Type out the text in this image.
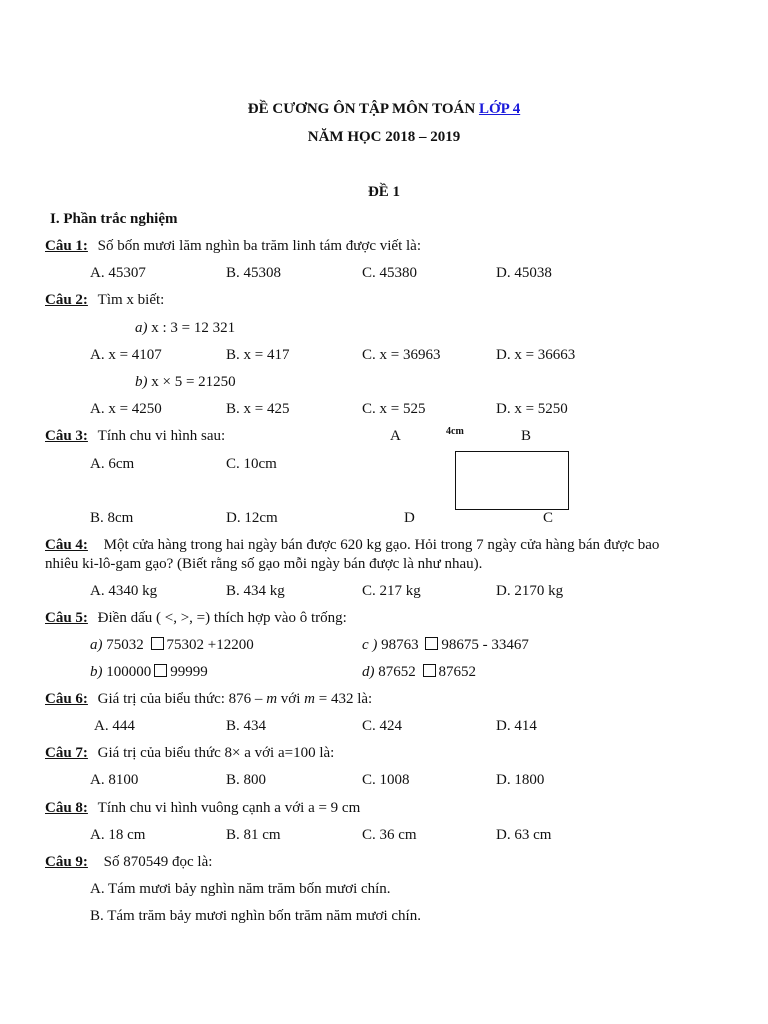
ĐỀ CƯƠNG ÔN TẬP MÔN TOÁN LỚP 4
NĂM HỌC 2018 – 2019
ĐỀ 1
I. Phần trắc nghiệm
Câu 1: Số bốn mươi lăm nghìn ba trăm linh tám được viết là:
A. 45307	B. 45308	C. 45380	D. 45038
Câu 2: Tìm x biết:
a) x : 3 = 12 321
A. x = 4107	B. x = 417	C. x = 36963	D. x = 36663
b) x × 5 = 21250
A. x = 4250	B. x = 425	C. x = 525	D. x = 5250
Câu 3: Tính chu vi hình sau:
A. 6cm	C. 10cm
B. 8cm	D. 12cm
A	4cm	B
D	C
Câu 4: Một cửa hàng trong hai ngày bán được 620 kg gạo. Hỏi trong 7 ngày cửa hàng bán được bao
nhiêu ki-lô-gam gạo? (Biết rằng số gạo mỗi ngày bán được là như nhau).
A. 4340 kg	B. 434 kg	C. 217 kg	D. 2170 kg
Câu 5: Điền dấu ( <, >, =) thích hợp vào ô trống:
a) 75032 75302 +12200	c ) 98763 98675 - 33467
b) 100000 99999	d) 87652 87652
Câu 6: Giá trị của biểu thức: 876 – m với m = 432 là:
A. 444	B. 434	C. 424	D. 414
Câu 7: Giá trị của biểu thức 8× a với a=100 là:
A. 8100	B. 800	C. 1008	D. 1800
Câu 8: Tính chu vi hình vuông cạnh a với a = 9 cm
A. 18 cm	B. 81 cm	C. 36 cm	D. 63 cm
Câu 9: Số 870549 đọc là:
A. Tám mươi bảy nghìn năm trăm bốn mươi chín.
B. Tám trăm bảy mươi nghìn bốn trăm năm mươi chín.
